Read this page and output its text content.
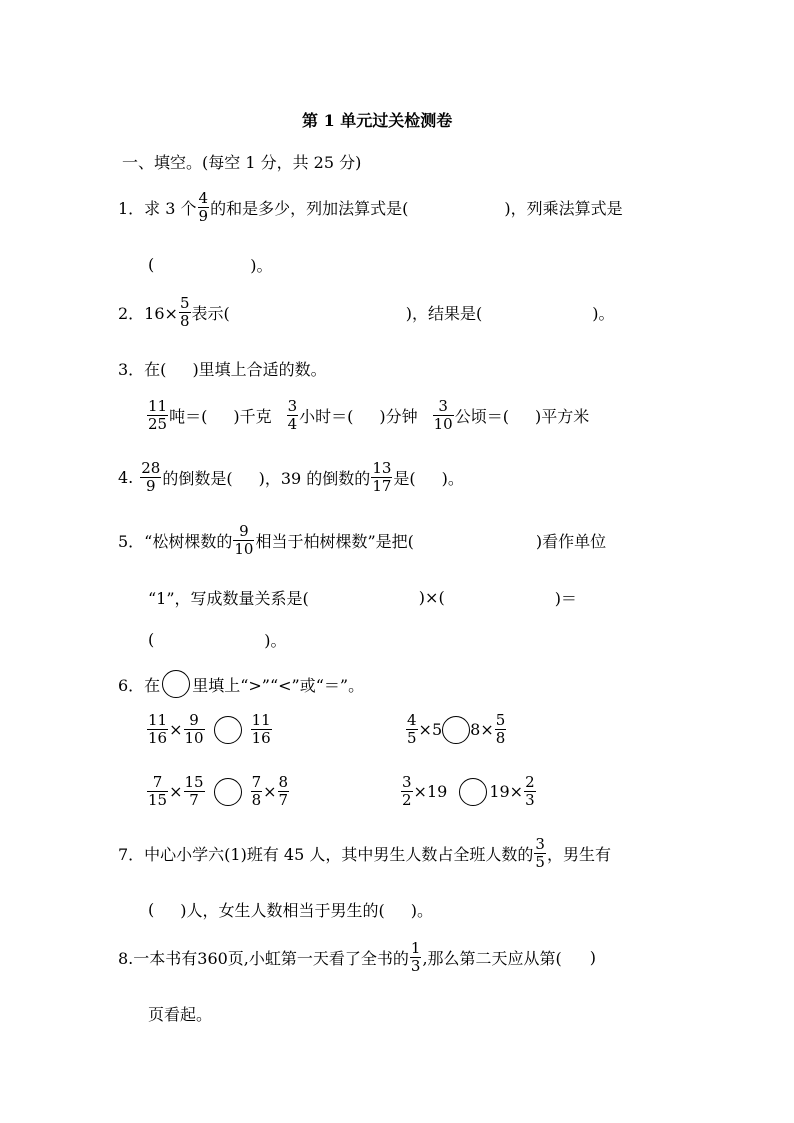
第 1 单元过关检测卷
一、填空。(每空 1 分，共 25 分)
1．求 3 个 $\frac{4}{9}$ 的和是多少，列加法算式是(	)，列乘法算式是
(	)。
2．$16\times \frac{5}{8}$ 表示(	)，结果是(	)。
3．在( )里填上合适的数。
$\frac{11}{25}$ 吨＝( )千克 $\frac{3}{4}$ 小时＝( )分钟 $\frac{3}{10}$ 公顷＝( )平方米
4. $\frac{28}{9}$ 的倒数是( )，39 的倒数的 $\frac{13}{17}$ 是( )。
5．“松树棵数的 $\frac{9}{10}$ 相当于柏树棵数”是把(	)看作单位
“1”，写成数量关系是(	)×(	)＝
(	)。
6．在 里填上“>”“<”或“＝”。
$\frac{11}{16} \times \frac{9}{10}$	$\frac{11}{16}$	$\frac{4}{5} \times 5$ $8\times \frac{5}{8}$
$\frac{7}{15} \times \frac{15}{7}$	$\frac{7}{8} \times \frac{8}{7}$	$\frac{3}{2} \times 19$	$19\times \frac{2}{3}$
7．中心小学六(1)班有 45 人，其中男生人数占全班人数的 $\frac{3}{5}$ ，男生有
( )人，女生人数相当于男生的( )。
8.一本书有360页,小虹第一天看了全书的 $\frac{1}{3}$ ,那么第二天应从第( )
页看起。
